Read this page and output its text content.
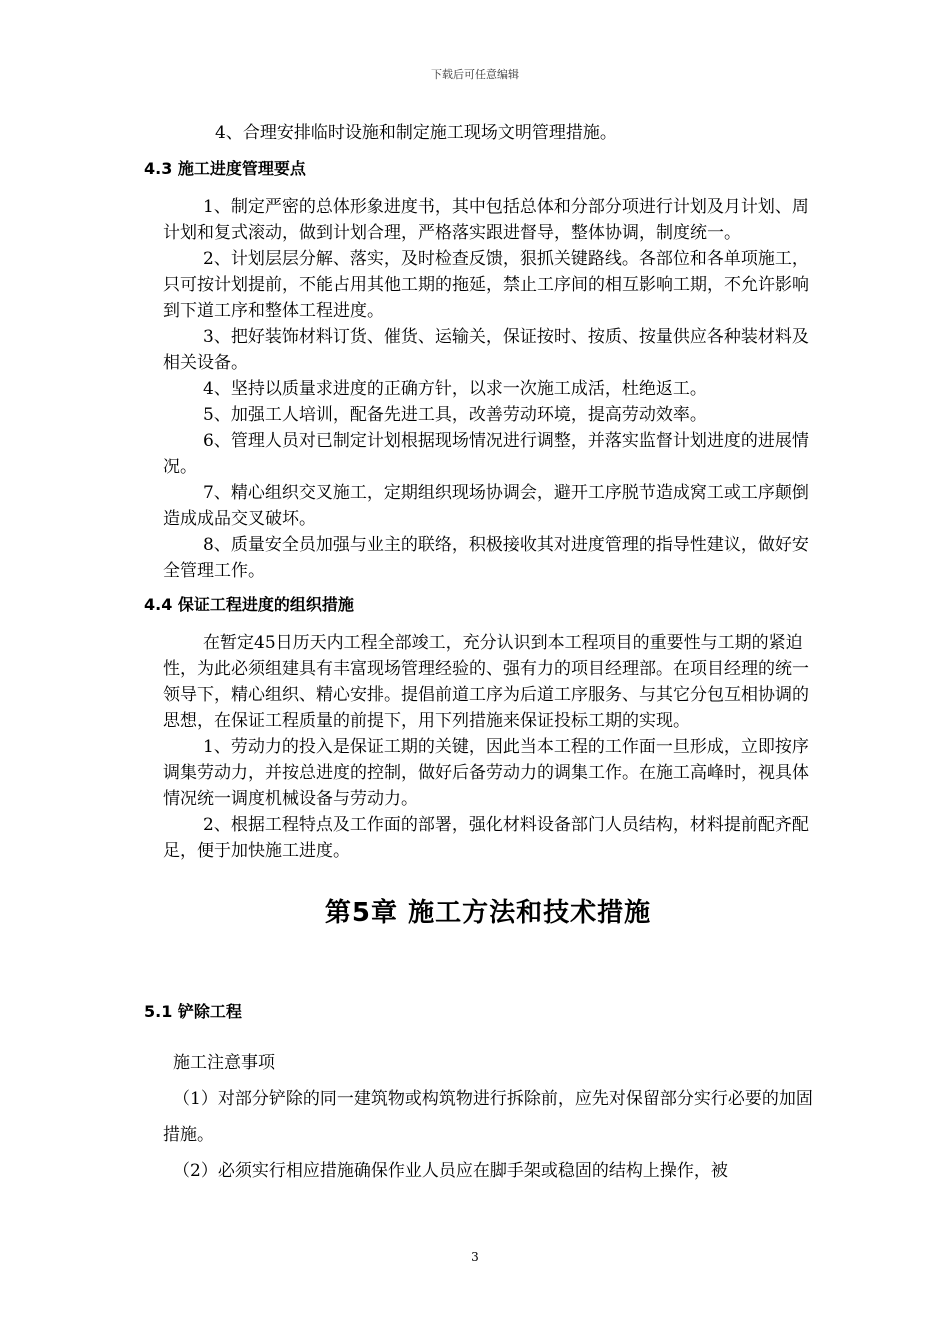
下载后可任意编辑

4、合理安排临时设施和制定施工现场文明管理措施。

4.3 施工进度管理要点

1、制定严密的总体形象进度书，其中包括总体和分部分项进行计划及月计划、周计划和复式滚动，做到计划合理，严格落实跟进督导，整体协调，制度统一。

2、计划层层分解、落实，及时检查反馈，狠抓关键路线。各部位和各单项施工，只可按计划提前，不能占用其他工期的拖延，禁止工序间的相互影响工期，不允许影响到下道工序和整体工程进度。

3、把好装饰材料订货、催货、运输关，保证按时、按质、按量供应各种装材料及相关设备。

4、坚持以质量求进度的正确方针，以求一次施工成活，杜绝返工。

5、加强工人培训，配备先进工具，改善劳动环境，提高劳动效率。

6、管理人员对已制定计划根据现场情况进行调整，并落实监督计划进度的进展情况。

7、精心组织交叉施工，定期组织现场协调会，避开工序脱节造成窝工或工序颠倒造成成品交叉破坏。

8、质量安全员加强与业主的联络，积极接收其对进度管理的指导性建议，做好安全管理工作。

4.4 保证工程进度的组织措施

在暂定45日历天内工程全部竣工，充分认识到本工程项目的重要性与工期的紧迫性，为此必须组建具有丰富现场管理经验的、强有力的项目经理部。在项目经理的统一领导下，精心组织、精心安排。提倡前道工序为后道工序服务、与其它分包互相协调的思想，在保证工程质量的前提下，用下列措施来保证投标工期的实现。

1、劳动力的投入是保证工期的关键，因此当本工程的工作面一旦形成，立即按序调集劳动力，并按总进度的控制，做好后备劳动力的调集工作。在施工高峰时，视具体情况统一调度机械设备与劳动力。

2、根据工程特点及工作面的部署，强化材料设备部门人员结构，材料提前配齐配足，便于加快施工进度。

第5章 施工方法和技术措施
5.1 铲除工程

施工注意事项

（1）对部分铲除的同一建筑物或构筑物进行拆除前，应先对保留部分实行必要的加固措施。

（2）必须实行相应措施确保作业人员应在脚手架或稳固的结构上操作，被

3
